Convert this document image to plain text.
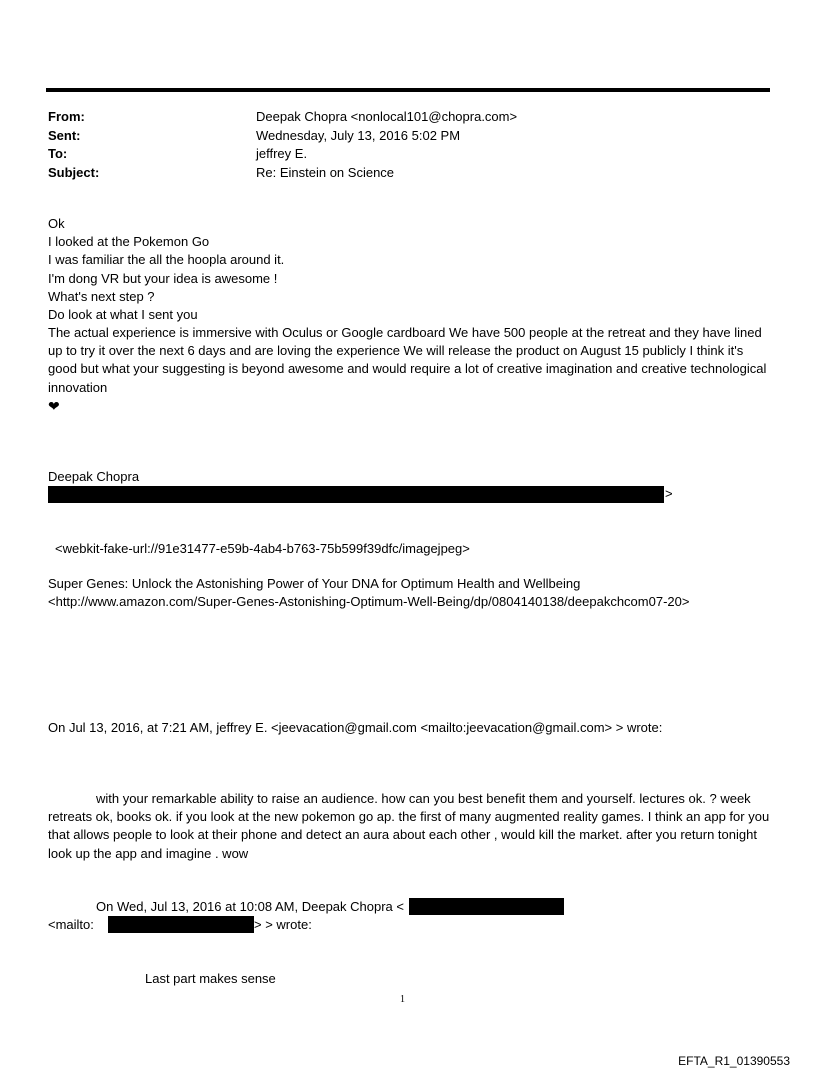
From:	Deepak Chopra <nonlocal101@chopra.com>
Sent:	Wednesday, July 13, 2016 5:02 PM
To:	jeffrey E.
Subject:	Re: Einstein on Science
Ok
I looked at the Pokemon Go
I was familiar the all the hoopla around it.
I'm dong VR but your idea is awesome !
What's next step ?
Do look at what I sent you
The actual experience is immersive with Oculus or Google cardboard We have 500 people at the retreat and they have lined up to try it over the next 6 days and are loving the experience We will release the product on August 15 publicly I think it's good but what your suggesting is beyond awesome and would require a lot of creative imagination and creative technological innovation
❤
Deepak Chopra
>
<webkit-fake-url://91e31477-e59b-4ab4-b763-75b599f39dfc/imagejpeg>
Super Genes: Unlock the Astonishing Power of Your DNA for Optimum Health and Wellbeing
<http://www.amazon.com/Super-Genes-Astonishing-Optimum-Well-Being/dp/0804140138/deepakchcom07-20>
On Jul 13, 2016, at 7:21 AM, jeffrey E. <jeevacation@gmail.com <mailto:jeevacation@gmail.com> > wrote:
with your remarkable ability to raise an audience. how can you best benefit them and yourself. lectures ok. ? week retreats ok, books ok. if you look at the new pokemon go ap. the first of many augmented reality games. I think an app for you that allows people to look at their phone and detect an aura about each other , would kill the market. after you return tonight look up the app and imagine . wow
On Wed, Jul 13, 2016 at 10:08 AM, Deepak Chopra <
<mailto:	> > wrote:
Last part makes sense
1
EFTA_R1_01390553
